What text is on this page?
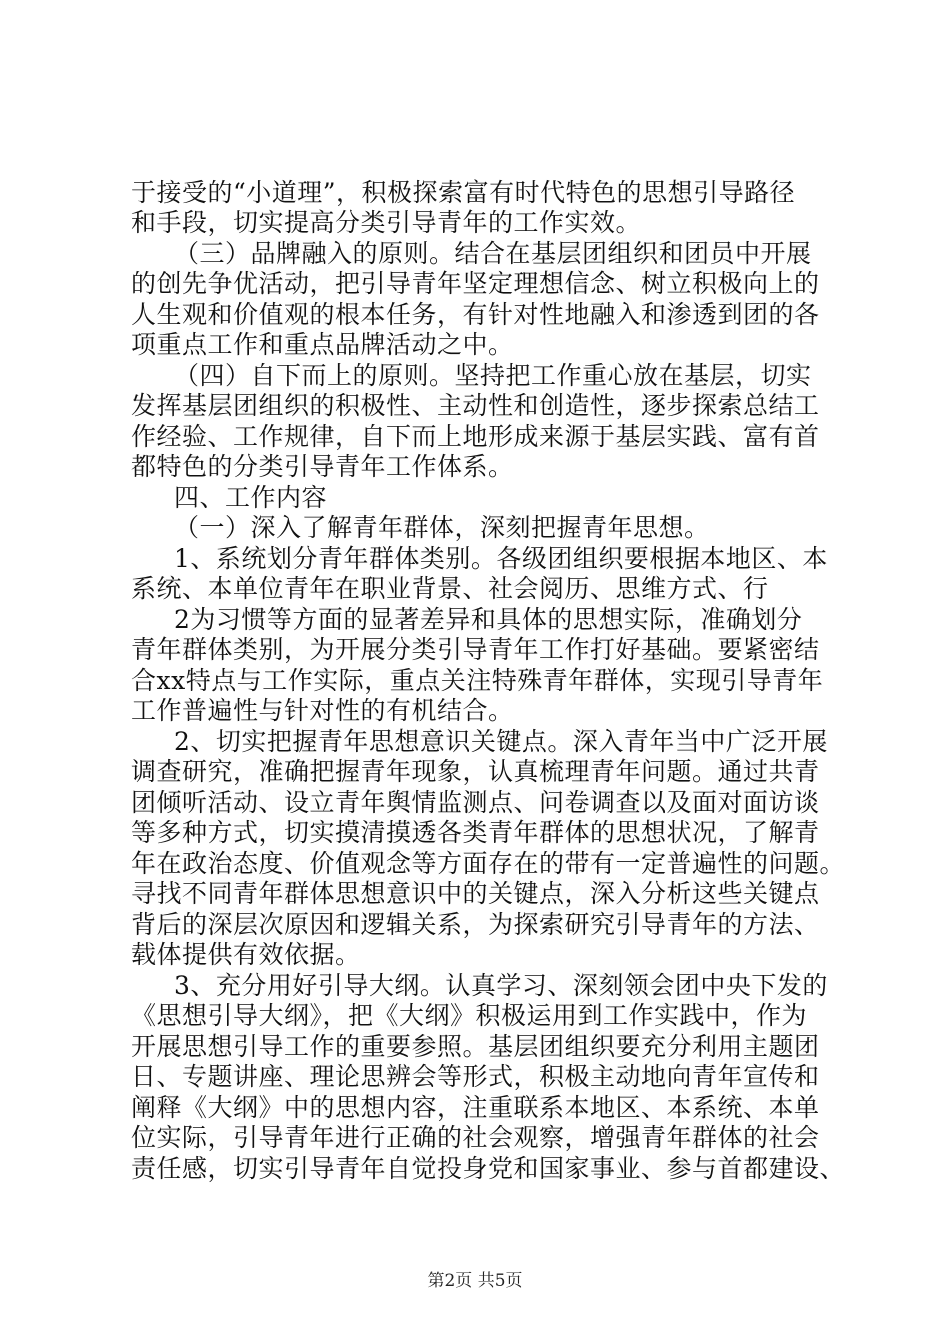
于接受的“小道理”，积极探索富有时代特色的思想引导路径
和手段，切实提高分类引导青年的工作实效。
（三）品牌融入的原则。结合在基层团组织和团员中开展
的创先争优活动，把引导青年坚定理想信念、树立积极向上的
人生观和价值观的根本任务，有针对性地融入和渗透到团的各
项重点工作和重点品牌活动之中。
（四）自下而上的原则。坚持把工作重心放在基层，切实
发挥基层团组织的积极性、主动性和创造性，逐步探索总结工
作经验、工作规律，自下而上地形成来源于基层实践、富有首
都特色的分类引导青年工作体系。
四、工作内容
（一）深入了解青年群体，深刻把握青年思想。
1、系统划分青年群体类别。各级团组织要根据本地区、本
系统、本单位青年在职业背景、社会阅历、思维方式、行
2为习惯等方面的显著差异和具体的思想实际，准确划分
青年群体类别，为开展分类引导青年工作打好基础。要紧密结
合xx特点与工作实际，重点关注特殊青年群体，实现引导青年
工作普遍性与针对性的有机结合。
2、切实把握青年思想意识关键点。深入青年当中广泛开展
调查研究，准确把握青年现象，认真梳理青年问题。通过共青
团倾听活动、设立青年舆情监测点、问卷调查以及面对面访谈
等多种方式，切实摸清摸透各类青年群体的思想状况，了解青
年在政治态度、价值观念等方面存在的带有一定普遍性的问题。
寻找不同青年群体思想意识中的关键点，深入分析这些关键点
背后的深层次原因和逻辑关系，为探索研究引导青年的方法、
载体提供有效依据。
3、充分用好引导大纲。认真学习、深刻领会团中央下发的
《思想引导大纲》，把《大纲》积极运用到工作实践中，作为
开展思想引导工作的重要参照。基层团组织要充分利用主题团
日、专题讲座、理论思辨会等形式，积极主动地向青年宣传和
阐释《大纲》中的思想内容，注重联系本地区、本系统、本单
位实际，引导青年进行正确的社会观察，增强青年群体的社会
责任感，切实引导青年自觉投身党和国家事业、参与首都建设、
第2页 共5页
